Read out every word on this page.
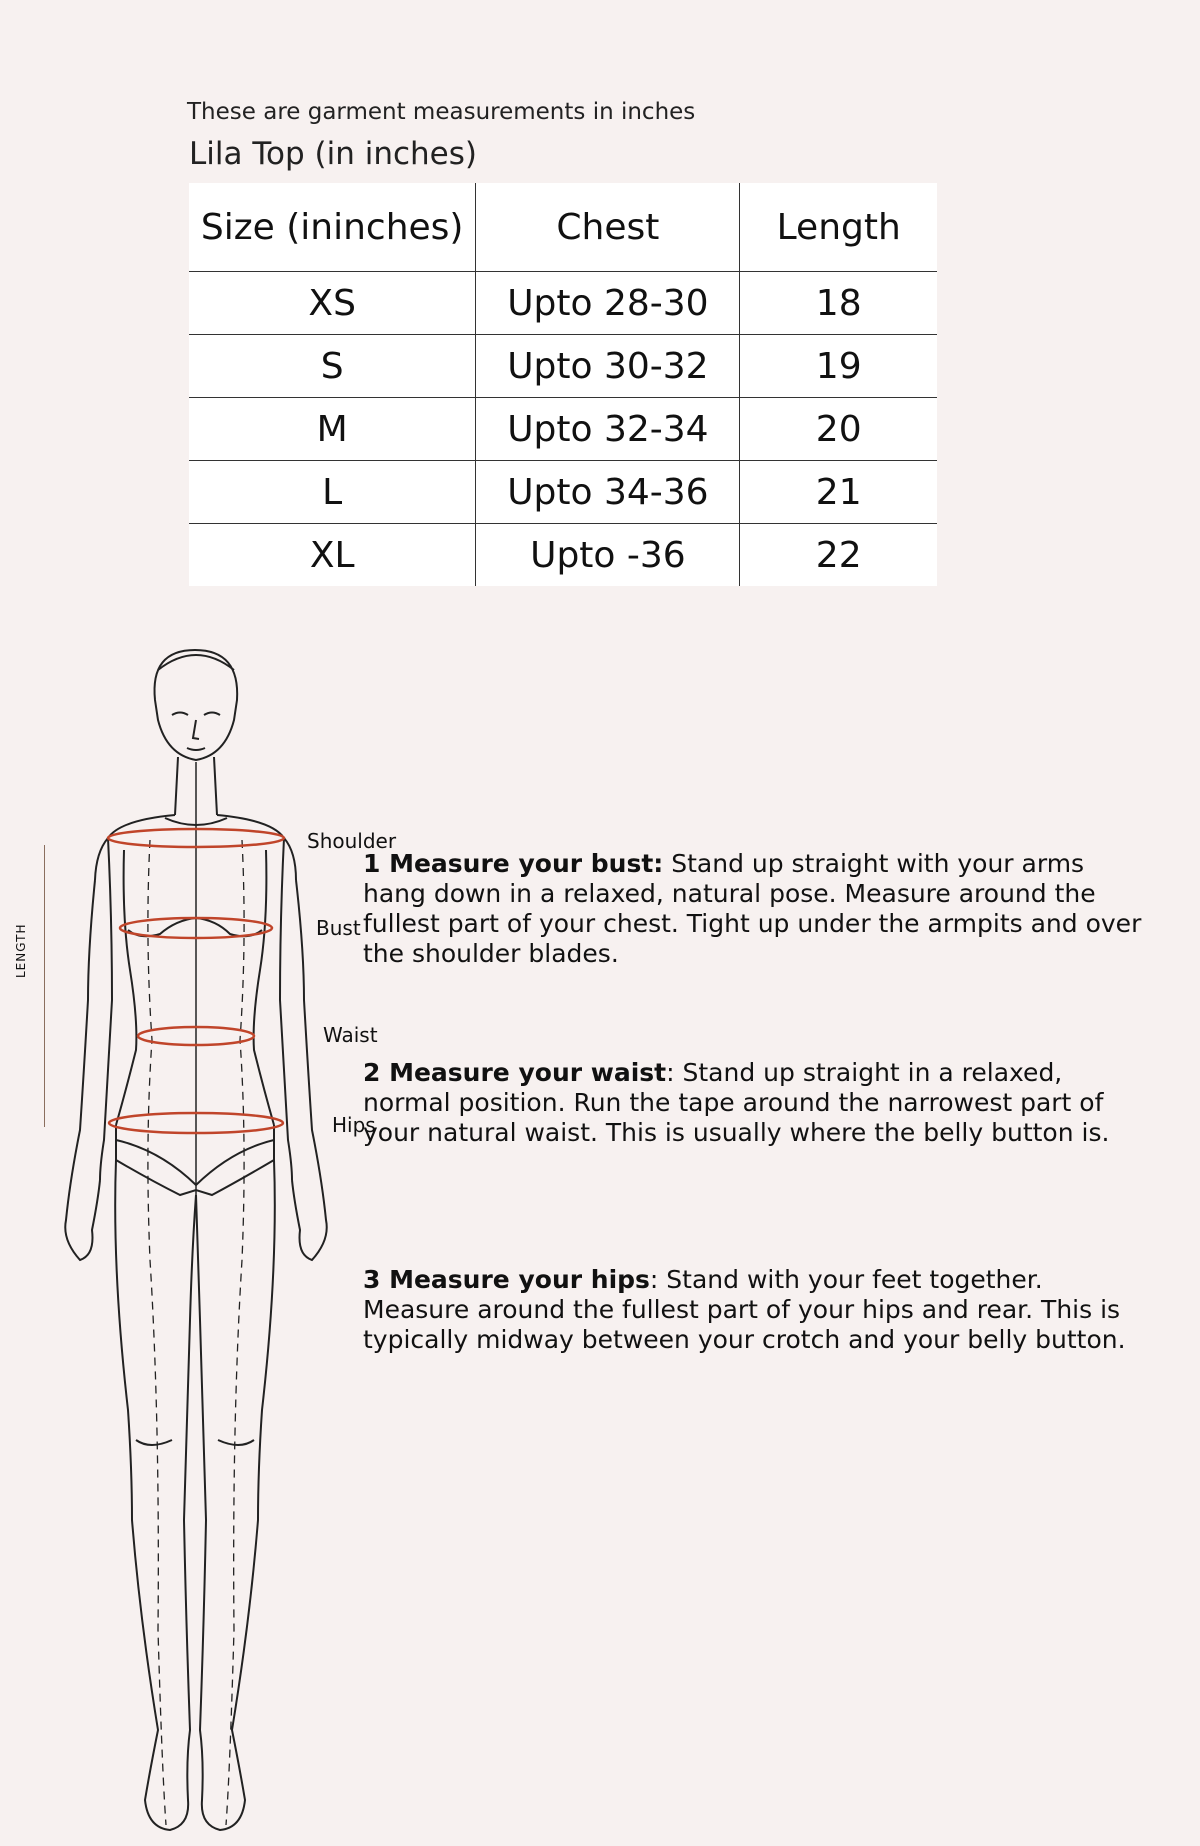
These are garment measurements in inches
Lila Top (in inches)
Size (ininches)	Chest	Length
XS	Upto 28-30	18
S	Upto 30-32	19
M	Upto 32-34	20
L	Upto 34-36	21
XL	Upto -36	22
LENGTH
Shoulder
Bust
Waist
Hips
1 Measure your bust: Stand up straight with your arms hang down in a relaxed, natural pose. Measure around the fullest part of your chest. Tight up under the armpits and over the shoulder blades.
2 Measure your waist: Stand up straight in a relaxed, normal position. Run the tape around the narrowest part of your natural waist. This is usually where the belly button is.
3 Measure your hips: Stand with your feet together. Measure around the fullest part of your hips and rear. This is typically midway between your crotch and your belly button.
